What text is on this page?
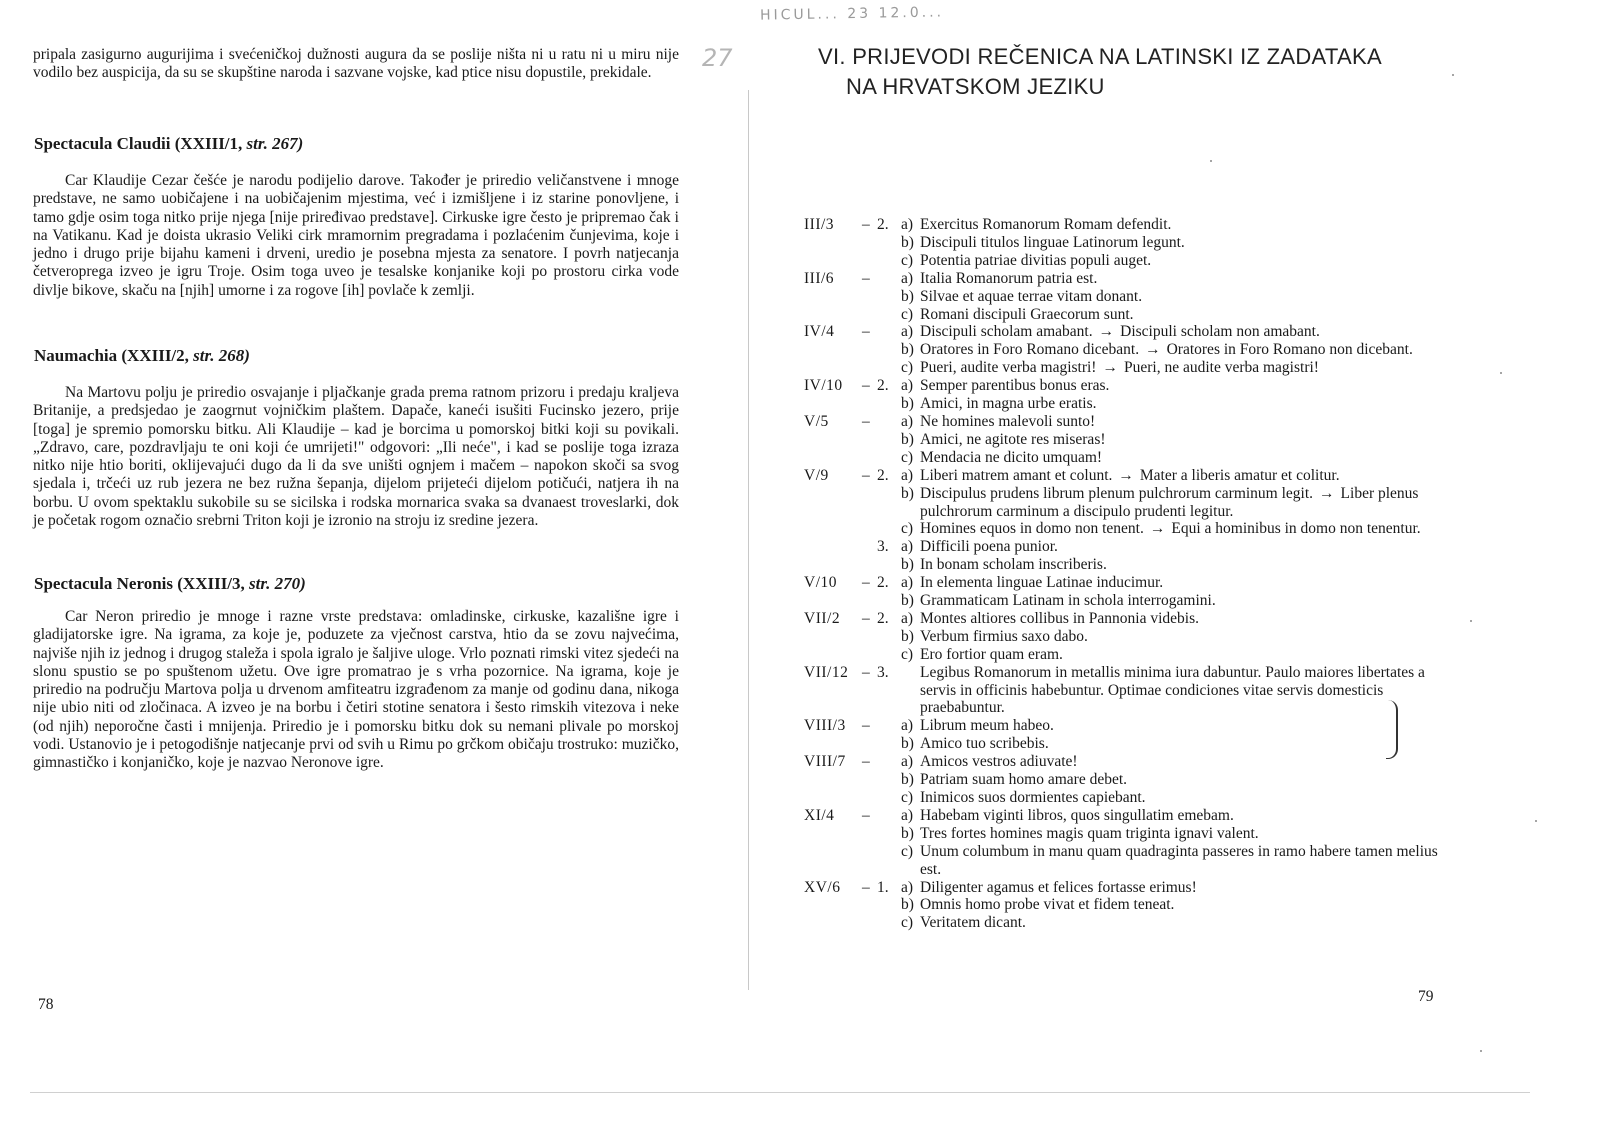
pripala zasigurno augurijima i svećeničkoj dužnosti augura da se poslije ništa ni u ratu ni u miru nije vodilo bez auspicija, da su se skupštine naroda i sazvane vojske, kad ptice nisu dopustile, prekidale.

Spectacula Claudii (XXIII/1, str. 267)

Car Klaudije Cezar češće je narodu podijelio darove. Također je priredio veličanstvene i mnoge predstave, ne samo uobičajene i na uobičajenim mjestima, već i izmišljene i iz starine ponovljene, i tamo gdje osim toga nitko prije njega [nije priređivao predstave]. Cirkuske igre često je pripremao čak i na Vatikanu. Kad je doista ukrasio Veliki cirk mramornim pregradama i pozlaćenim čunjevima, koje i jedno i drugo prije bijahu kameni i drveni, uredio je posebna mjesta za senatore. I povrh natjecanja četveropregа izveo je igru Troje. Osim toga uveo je tesalske konjanike koji po prostoru cirka vode divlje bikove, skaču na [njih] umorne i za rogove [ih] povlače k zemlji.

Naumachia (XXIII/2, str. 268)

Na Martovu polju je priredio osvajanje i pljačkanje grada prema ratnom prizoru i predaju kraljeva Britanije, a predsjedao je zaogrnut vojničkim plaštem. Dapače, kaneći isušiti Fucinsko jezero, prije [toga] je spremio pomorsku bitku. Ali Klaudije – kad je borcima u pomorskoj bitki koji su povikali. „Zdravo, care, pozdravljaju te oni koji će umrijeti!" odgovori: „Ili neće", i kad se poslije toga izraza nitko nije htio boriti, oklijevajući dugo da li da sve uništi ognjem i mačem – napokon skoči sa svog sjedala i, trčeći uz rub jezera ne bez ružna šepanja, dijelom prijeteći dijelom potičući, natjera ih na borbu. U ovom spektaklu sukobile su se sicilska i rodska mornarica svaka sa dvanaest troveslarki, dok je početak rogom označio srebrni Triton koji je izronio na stroju iz sredine jezera.

Spectacula Neronis (XXIII/3, str. 270)

Car Neron priredio je mnoge i razne vrste predstava: omladinske, cirkuske, kazališne igre i gladijatorske igre. Na igrama, za koje je, poduzete za vječnost carstva, htio da se zovu najvećima, najviše njih iz jednog i drugog staleža i spola igralo je šaljive uloge. Vrlo poznati rimski vitez sjedeći na slonu spustio se po spuštenom užetu. Ove igre promatrao je s vrha pozornice. Na igrama, koje je priredio na području Martova polja u drvenom amfiteatru izgrađenom za manje od godinu dana, nikoga nije ubio niti od zločinaca. A izveo je na borbu i četiri stotine senatora i šesto rimskih vitezova i neke (od njih) neporočne časti i mnijenja. Priredio je i pomorsku bitku dok su nemani plivale po morskoj vodi. Ustanovio je i petogodišnje natjecanje prvi od svih u Rimu po grčkom običaju trostruko: muzičko, gimnastičko i konjaničko, koje je nazvao Neronove igre.

78
HICUL... 23 12.0...
27	VI. PRIJEVODI REČENICA NA LATINSKI IZ ZADATAKA
NA HRVATSKOM JEZIKU
III/3	– 2. a) Exercitus Romanorum Romam defendit.
b) Discipuli titulos linguae Latinorum legunt.
c) Potentia patriae divitias populi auget.
III/6	– a) Italia Romanorum patria est.
b) Silvae et aquae terrae vitam donant.
c) Romani discipuli Graecorum sunt.
IV/4	– a) Discipuli scholam amabant. → Discipuli scholam non amabant.
b) Oratores in Foro Romano dicebant. → Oratores in Foro Romano non dicebant.
c) Pueri, audite verba magistri! → Pueri, ne audite verba magistri!
IV/10	– 2. a) Semper parentibus bonus eras.
b) Amici, in magna urbe eratis.
V/5	– a) Ne homines malevoli sunto!
b) Amici, ne agitote res miseras!
c) Mendacia ne dicito umquam!
V/9	– 2. a) Liberi matrem amant et colunt. → Mater a liberis amatur et colitur.
b) Discipulus prudens librum plenum pulchrorum carminum legit. → Liber plenus pulchrorum carminum a discipulo prudenti legitur.
c) Homines equos in domo non tenent. → Equi a hominibus in domo non tenentur.
3. a) Difficili poena punior.
b) In bonam scholam inscriberis.
V/10	– 2. a) In elementa linguae Latinae inducimur.
b) Grammaticam Latinam in schola interrogamini.
VII/2	– 2. a) Montes altiores collibus in Pannonia videbis.
b) Verbum firmius saxo dabo.
c) Ero fortior quam eram.
VII/12 – 3.	Legibus Romanorum in metallis minima iura dabuntur. Paulo maiores libertates a servis in officinis habebuntur. Optimae condiciones vitae servis domesticis praebabuntur.
VIII/3	– a) Librum meum habeo.
b) Amico tuo scribebis.
VIII/7	– a) Amicos vestros adiuvate!
b) Patriam suam homo amare debet.
c) Inimicos suos dormientes capiebant.
XI/4	– a) Habebam viginti libros, quos singullatim emebam.
b) Tres fortes homines magis quam triginta ignavi valent.
c) Unum columbum in manu quam quadraginta passeres in ramo habere tamen melius est.
XV/6	– 1. a) Diligenter agamus et felices fortasse erimus!
b) Omnis homo probe vivat et fidem teneat.
c) Veritatem dicant.
79
